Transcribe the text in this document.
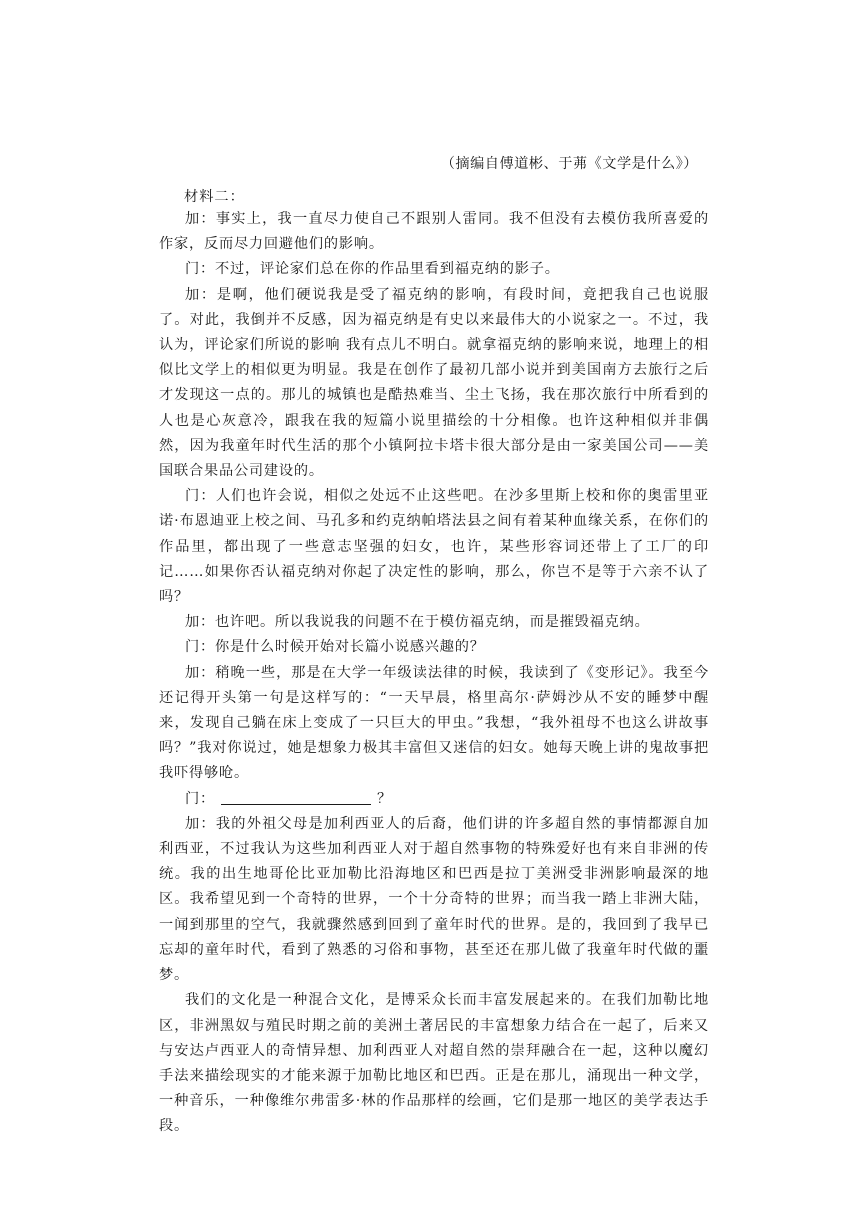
（摘编自傅道彬、于茀《文学是什么》）
材料二：

加：事实上，我一直尽力使自己不跟别人雷同。我不但没有去模仿我所喜爱的作家，反而尽力回避他们的影响。

门：不过，评论家们总在你的作品里看到福克纳的影子。

加：是啊，他们硬说我是受了福克纳的影响，有段时间，竟把我自己也说服了。对此，我倒并不反感，因为福克纳是有史以来最伟大的小说家之一。不过，我认为，评论家们所说的影响 我有点儿不明白。就拿福克纳的影响来说，地理上的相似比文学上的相似更为明显。我是在创作了最初几部小说并到美国南方去旅行之后才发现这一点的。那儿的城镇也是酷热难当、尘土飞扬，我在那次旅行中所看到的人也是心灰意冷，跟我在我的短篇小说里描绘的十分相像。也许这种相似并非偶然，因为我童年时代生活的那个小镇阿拉卡塔卡很大部分是由一家美国公司——美国联合果品公司建设的。

门：人们也许会说，相似之处远不止这些吧。在沙多里斯上校和你的奥雷里亚诺·布恩迪亚上校之间、马孔多和约克纳帕塔法县之间有着某种血缘关系，在你们的作品里，都出现了一些意志坚强的妇女，也许，某些形容词还带上了工厂的印记……如果你否认福克纳对你起了决定性的影响，那么，你岂不是等于六亲不认了吗？

加：也许吧。所以我说我的问题不在于模仿福克纳，而是摧毁福克纳。

门：你是什么时候开始对长篇小说感兴趣的？

加：稍晚一些，那是在大学一年级读法律的时候，我读到了《变形记》。我至今还记得开头第一句是这样写的：“一天早晨，格里高尔·萨姆沙从不安的睡梦中醒来，发现自己躺在床上变成了一只巨大的甲虫。”我想，“我外祖母不也这么讲故事吗？”我对你说过，她是想象力极其丰富但又迷信的妇女。她每天晚上讲的鬼故事把我吓得够呛。

门：	？

加：我的外祖父母是加利西亚人的后裔，他们讲的许多超自然的事情都源自加利西亚，不过我认为这些加利西亚人对于超自然事物的特殊爱好也有来自非洲的传统。我的出生地哥伦比亚加勒比沿海地区和巴西是拉丁美洲受非洲影响最深的地区。我希望见到一个奇特的世界，一个十分奇特的世界；而当我一踏上非洲大陆，一闻到那里的空气，我就骤然感到回到了童年时代的世界。是的，我回到了我早已忘却的童年时代，看到了熟悉的习俗和事物，甚至还在那儿做了我童年时代做的噩梦。

我们的文化是一种混合文化，是博采众长而丰富发展起来的。在我们加勒比地区，非洲黑奴与殖民时期之前的美洲土著居民的丰富想象力结合在一起了，后来又与安达卢西亚人的奇情异想、加利西亚人对超自然的崇拜融合在一起，这种以魔幻手法来描绘现实的才能来源于加勒比地区和巴西。正是在那儿，涌现出一种文学，一种音乐，一种像维尔弗雷多·林的作品那样的绘画，它们是那一地区的美学表达手段。
